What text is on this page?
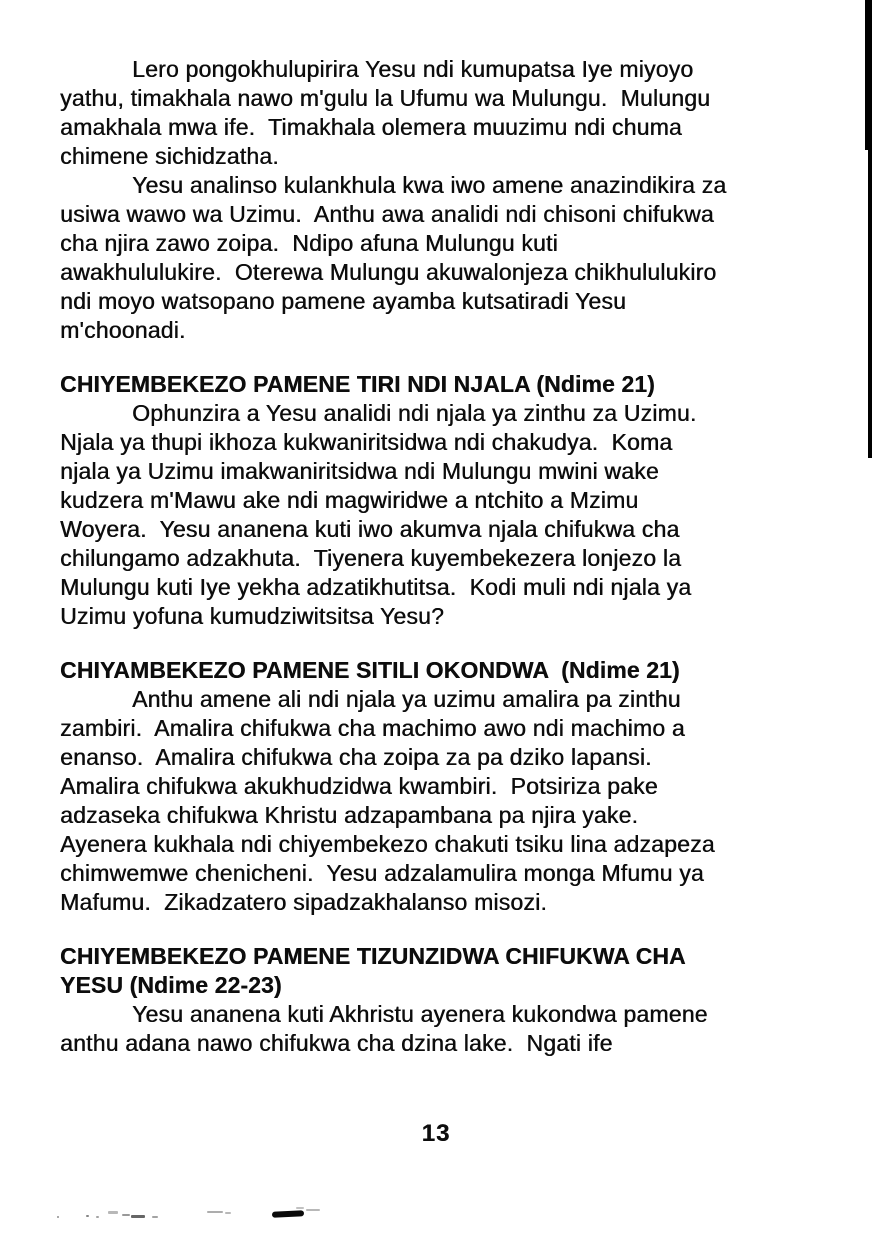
Lero pongokhulupirira Yesu ndi kumupatsa Iye miyoyo
yathu, timakhala nawo m'gulu la Ufumu wa Mulungu.  Mulungu
amakhala mwa ife.  Timakhala olemera muuzimu ndi chuma
chimene sichidzatha.
Yesu analinso kulankhula kwa iwo amene anazindikira za
usiwa wawo wa Uzimu.  Anthu awa analidi ndi chisoni chifukwa
cha njira zawo zoipa.  Ndipo afuna Mulungu kuti
awakhululukire.  Oterewa Mulungu akuwalonjeza chikhululukiro
ndi moyo watsopano pamene ayamba kutsatiradi Yesu
m'choonadi.
CHIYEMBEKEZO PAMENE TIRI NDI NJALA (Ndime 21)
Ophunzira a Yesu analidi ndi njala ya zinthu za Uzimu.
Njala ya thupi ikhoza kukwaniritsidwa ndi chakudya.  Koma
njala ya Uzimu imakwaniritsidwa ndi Mulungu mwini wake
kudzera m'Mawu ake ndi magwiridwe a ntchito a Mzimu
Woyera.  Yesu ananena kuti iwo akumva njala chifukwa cha
chilungamo adzakhuta.  Tiyenera kuyembekezera lonjezo la
Mulungu kuti Iye yekha adzatikhutitsa.  Kodi muli ndi njala ya
Uzimu yofuna kumudziwitsitsa Yesu?
CHIYAMBEKEZO PAMENE SITILI OKONDWA  (Ndime 21)
Anthu amene ali ndi njala ya uzimu amalira pa zinthu
zambiri.  Amalira chifukwa cha machimo awo ndi machimo a
enanso.  Amalira chifukwa cha zoipa za pa dziko lapansi.
Amalira chifukwa akukhudzidwa kwambiri.  Potsiriza pake
adzaseka chifukwa Khristu adzapambana pa njira yake.
Ayenera kukhala ndi chiyembekezo chakuti tsiku lina adzapeza
chimwemwe chenicheni.  Yesu adzalamulira monga Mfumu ya
Mafumu.  Zikadzatero sipadzakhalanso misozi.
CHIYEMBEKEZO PAMENE TIZUNZIDWA CHIFUKWA CHA
YESU (Ndime 22-23)
Yesu ananena kuti Akhristu ayenera kukondwa pamene
anthu adana nawo chifukwa cha dzina lake.  Ngati ife
13
